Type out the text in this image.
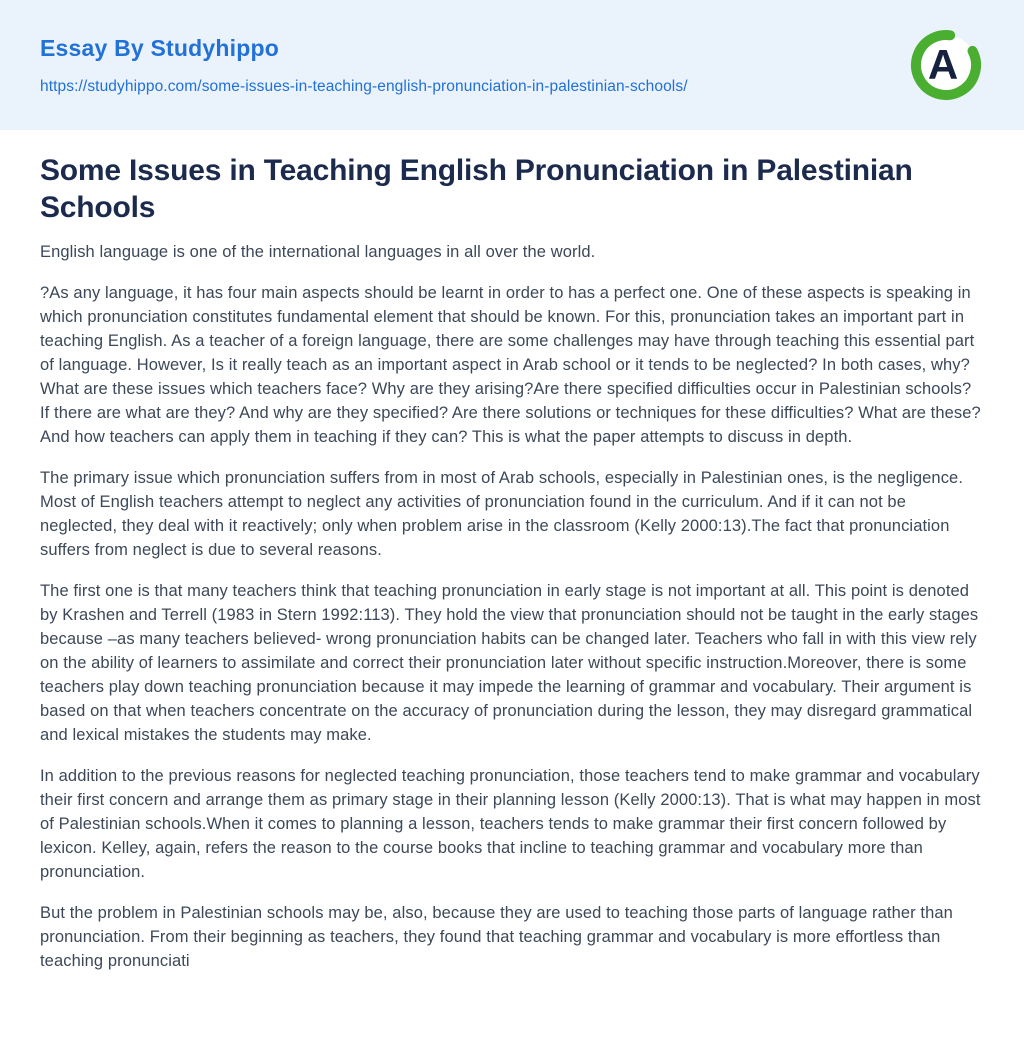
Essay By Studyhippo
https://studyhippo.com/some-issues-in-teaching-english-pronunciation-in-palestinian-schools/	A
Some Issues in Teaching English Pronunciation in Palestinian Schools

English language is one of the international languages in all over the world.

?As any language, it has four main aspects should be learnt in order to has a perfect one. One of these aspects is speaking in which pronunciation constitutes fundamental element that should be known. For this, pronunciation takes an important part in teaching English. As a teacher of a foreign language, there are some challenges may have through teaching this essential part of language. However, Is it really teach as an important aspect in Arab school or it tends to be neglected? In both cases, why? What are these issues which teachers face? Why are they arising?Are there specified difficulties occur in Palestinian schools? If there are what are they? And why are they specified? Are there solutions or techniques for these difficulties? What are these? And how teachers can apply them in teaching if they can? This is what the paper attempts to discuss in depth.

The primary issue which pronunciation suffers from in most of Arab schools, especially in Palestinian ones, is the negligence. Most of English teachers attempt to neglect any activities of pronunciation found in the curriculum. And if it can not be neglected, they deal with it reactively; only when problem arise in the classroom (Kelly 2000:13).The fact that pronunciation suffers from neglect is due to several reasons.

The first one is that many teachers think that teaching pronunciation in early stage is not important at all. This point is denoted by Krashen and Terrell (1983 in Stern 1992:113). They hold the view that pronunciation should not be taught in the early stages because –as many teachers believed- wrong pronunciation habits can be changed later. Teachers who fall in with this view rely on the ability of learners to assimilate and correct their pronunciation later without specific instruction.Moreover, there is some teachers play down teaching pronunciation because it may impede the learning of grammar and vocabulary. Their argument is based on that when teachers concentrate on the accuracy of pronunciation during the lesson, they may disregard grammatical and lexical mistakes the students may make.

In addition to the previous reasons for neglected teaching pronunciation, those teachers tend to make grammar and vocabulary their first concern and arrange them as primary stage in their planning lesson (Kelly 2000:13). That is what may happen in most of Palestinian schools.When it comes to planning a lesson, teachers tends to make grammar their first concern followed by lexicon. Kelley, again, refers the reason to the course books that incline to teaching grammar and vocabulary more than pronunciation.

But the problem in Palestinian schools may be, also, because they are used to teaching those parts of language rather than pronunciation. From their beginning as teachers, they found that teaching grammar and vocabulary is more effortless than teaching pronunciati
